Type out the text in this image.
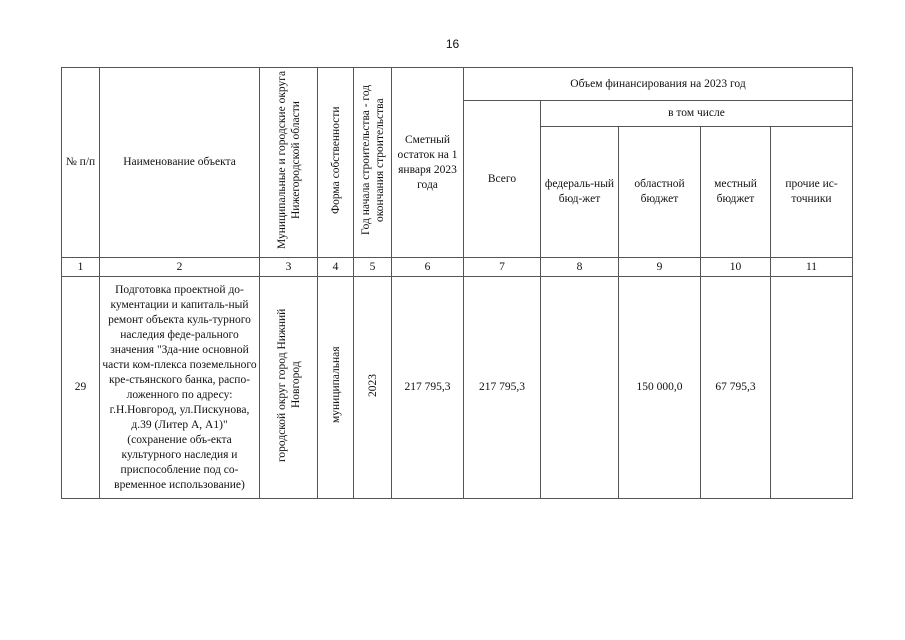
16
№ п/п	Наименование объекта	Муниципальные и городские округа Нижегородской области	Форма собственности	Год начала строительства - год окончания строительства	Сметный остаток на 1 января 2023 года	Объем финансирования на 2023 год				
						Всего	в том числе			
							федераль-ный бюд-жет	областной бюджет	местный бюджет	прочие ис-точники
1	2	3	4	5	6	7	8	9	10	11
29	Подготовка проектной до-кументации и капиталь-ный ремонт объекта куль-турного наследия феде-рального значения "Зда-ние основной части ком-плекса поземельного кре-стьянского банка, распо-ложенного по адресу: г.Н.Новгород, ул.Пискунова, д.39 (Литер А, А1)" (сохранение объ-екта культурного наследия и приспособление под со-временное использование)	городской округ город Нижний Новгород	муниципальная	2023	217 795,3	217 795,3		150 000,0	67 795,3	
